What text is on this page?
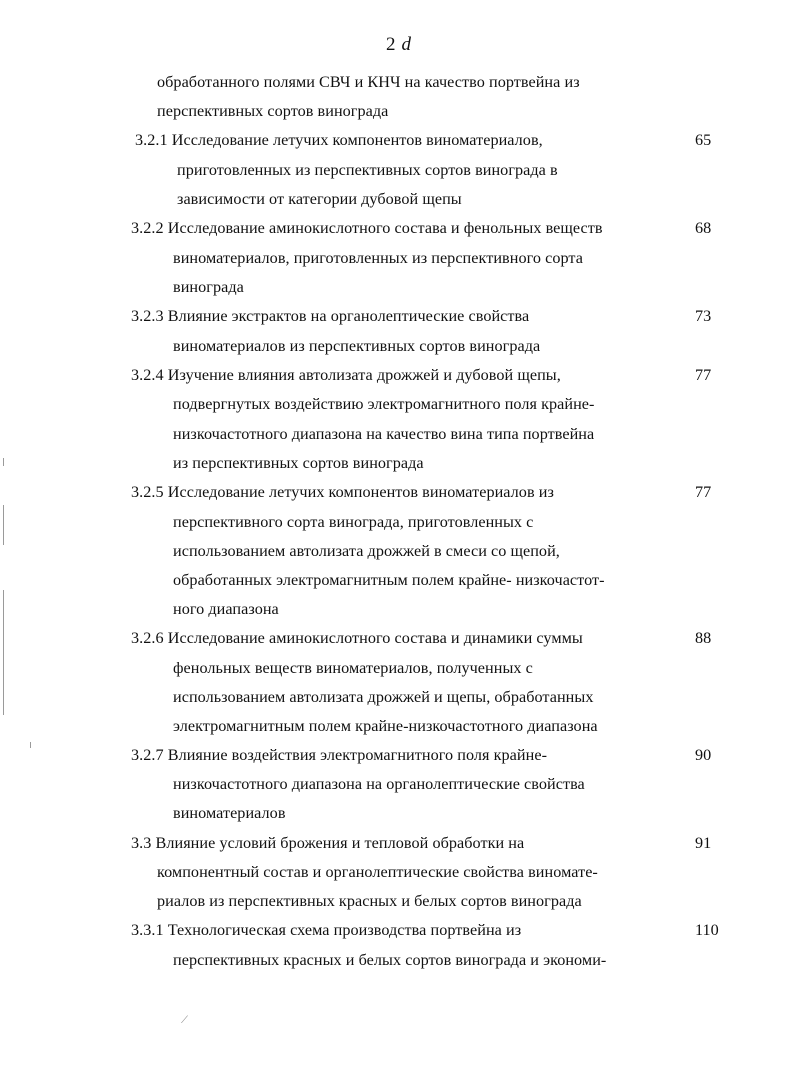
2 d
обработанного полями СВЧ и КНЧ на качество портвейна из
перспективных сортов винограда
3.2.1 Исследование летучих компонентов виноматериалов,
приготовленных из перспективных сортов винограда в
зависимости от категории дубовой щепы
65
3.2.2 Исследование аминокислотного состава и фенольных веществ
виноматериалов, приготовленных из перспективного сорта
винограда
68
3.2.3 Влияние экстрактов на органолептические свойства
виноматериалов из перспективных сортов винограда
73
3.2.4 Изучение влияния автолизата дрожжей и дубовой щепы,
подвергнутых воздействию электромагнитного поля крайне-
низкочастотного диапазона на качество вина типа портвейна
из перспективных сортов винограда
77
3.2.5 Исследование летучих компонентов виноматериалов из
перспективного сорта винограда, приготовленных с
использованием автолизата дрожжей в смеси со щепой,
обработанных электромагнитным полем крайне- низкочастот-
ного диапазона
77
3.2.6 Исследование аминокислотного состава и динамики суммы
фенольных веществ виноматериалов, полученных с
использованием автолизата дрожжей и щепы, обработанных
электромагнитным полем крайне-низкочастотного диапазона
88
3.2.7 Влияние воздействия электромагнитного поля крайне-
низкочастотного диапазона на органолептические свойства
виноматериалов
90
3.3 Влияние условий брожения и тепловой обработки на
компонентный состав и органолептические свойства виномате-
риалов из перспективных красных и белых сортов винограда
91
3.3.1 Технологическая схема производства портвейна из
перспективных красных и белых сортов винограда и экономи-
110
⟋
